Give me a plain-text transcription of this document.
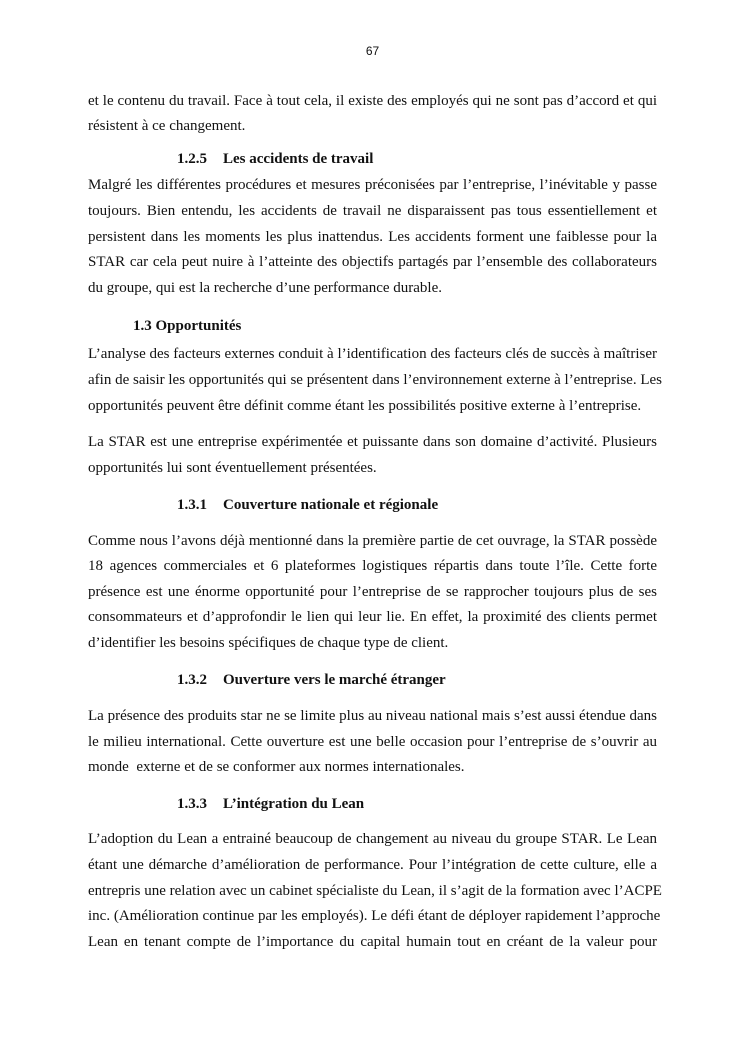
67
et le contenu du travail. Face à tout cela, il existe des employés qui ne sont pas d’accord et qui
résistent à ce changement.
1.2.5 Les accidents de travail
Malgré les différentes procédures et mesures préconisées par l’entreprise, l’inévitable y passe
toujours. Bien entendu, les accidents de travail ne disparaissent pas tous essentiellement et
persistent dans les moments les plus inattendus. Les accidents forment une faiblesse pour la
STAR car cela peut nuire à l’atteinte des objectifs partagés par l’ensemble des collaborateurs
du groupe, qui est la recherche d’une performance durable.
1.3 Opportunités
L’analyse des facteurs externes conduit à l’identification des facteurs clés de succès à maîtriser
afin de saisir les opportunités qui se présentent dans l’environnement externe à l’entreprise. Les
opportunités peuvent être définit comme étant les possibilités positive externe à l’entreprise.
La STAR est une entreprise expérimentée et puissante dans son domaine d’activité. Plusieurs
opportunités lui sont éventuellement présentées.
1.3.1 Couverture nationale et régionale
Comme nous l’avons déjà mentionné dans la première partie de cet ouvrage, la STAR possède
18 agences commerciales et 6 plateformes logistiques répartis dans toute l’île. Cette forte
présence est une énorme opportunité pour l’entreprise de se rapprocher toujours plus de ses
consommateurs et d’approfondir le lien qui leur lie. En effet, la proximité des clients permet
d’identifier les besoins spécifiques de chaque type de client.
1.3.2 Ouverture vers le marché étranger
La présence des produits star ne se limite plus au niveau national mais s’est aussi étendue dans
le milieu international. Cette ouverture est une belle occasion pour l’entreprise de s’ouvrir au
monde  externe et de se conformer aux normes internationales.
1.3.3 L’intégration du Lean
L’adoption du Lean a entrainé beaucoup de changement au niveau du groupe STAR. Le Lean
étant une démarche d’amélioration de performance. Pour l’intégration de cette culture, elle a
entrepris une relation avec un cabinet spécialiste du Lean, il s’agit de la formation avec l’ACPE
inc. (Amélioration continue par les employés). Le défi étant de déployer rapidement l’approche
Lean en tenant compte de l’importance du capital humain tout en créant de la valeur pour
